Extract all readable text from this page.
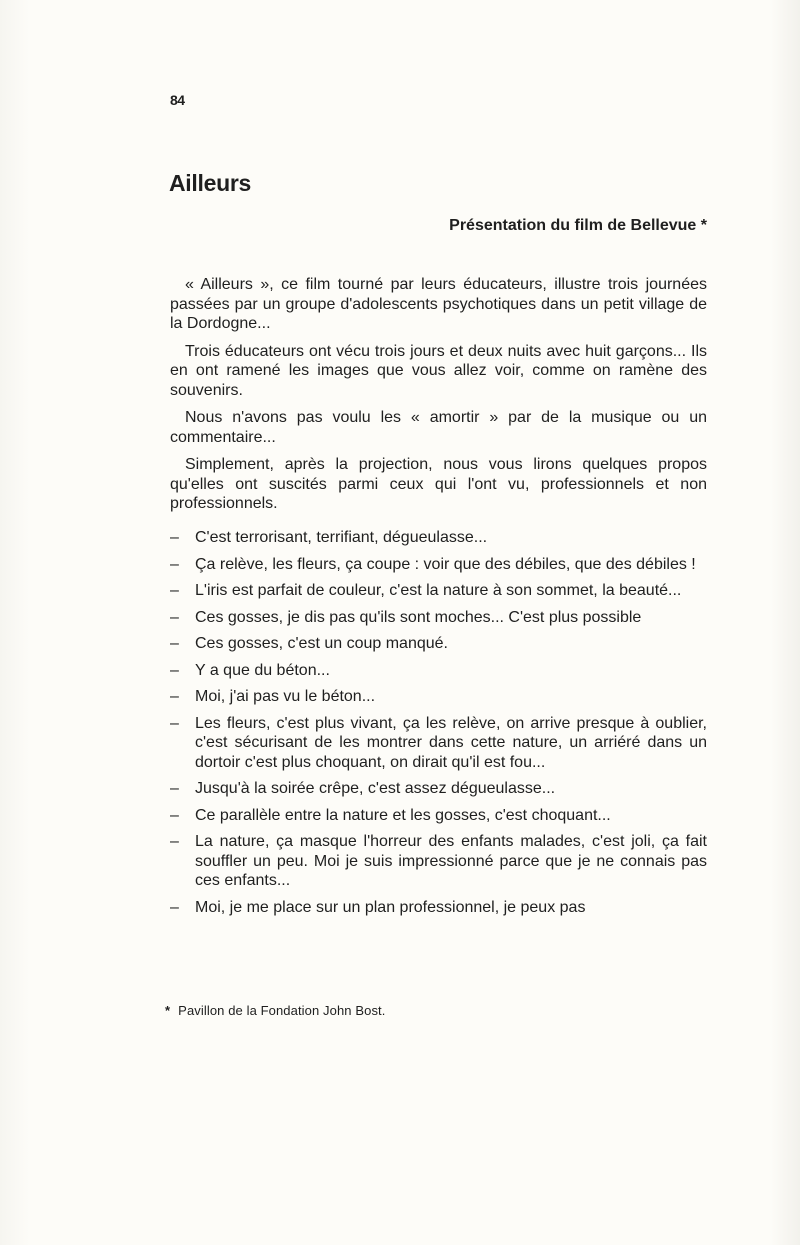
84
Ailleurs
Présentation du film de Bellevue *

« Ailleurs », ce film tourné par leurs éducateurs, illustre trois journées passées par un groupe d'adolescents psychotiques dans un petit village de la Dordogne...

Trois éducateurs ont vécu trois jours et deux nuits avec huit garçons... Ils en ont ramené les images que vous allez voir, comme on ramène des souvenirs.

Nous n'avons pas voulu les « amortir » par de la musique ou un commentaire...

Simplement, après la projection, nous vous lirons quelques propos qu'elles ont suscités parmi ceux qui l'ont vu, professionnels et non professionnels.

– C'est terrorisant, terrifiant, dégueulasse...
– Ça relève, les fleurs, ça coupe : voir que des débiles, que des débiles !
– L'iris est parfait de couleur, c'est la nature à son sommet, la beauté...
– Ces gosses, je dis pas qu'ils sont moches... C'est plus possible
– Ces gosses, c'est un coup manqué.
– Y a que du béton...
– Moi, j'ai pas vu le béton...
– Les fleurs, c'est plus vivant, ça les relève, on arrive presque à oublier, c'est sécurisant de les montrer dans cette nature, un arriéré dans un dortoir c'est plus choquant, on dirait qu'il est fou...
– Jusqu'à la soirée crêpe, c'est assez dégueulasse...
– Ce parallèle entre la nature et les gosses, c'est choquant...
– La nature, ça masque l'horreur des enfants malades, c'est joli, ça fait souffler un peu. Moi je suis impressionné parce que je ne connais pas ces enfants...
– Moi, je me place sur un plan professionnel, je peux pas
* Pavillon de la Fondation John Bost.
